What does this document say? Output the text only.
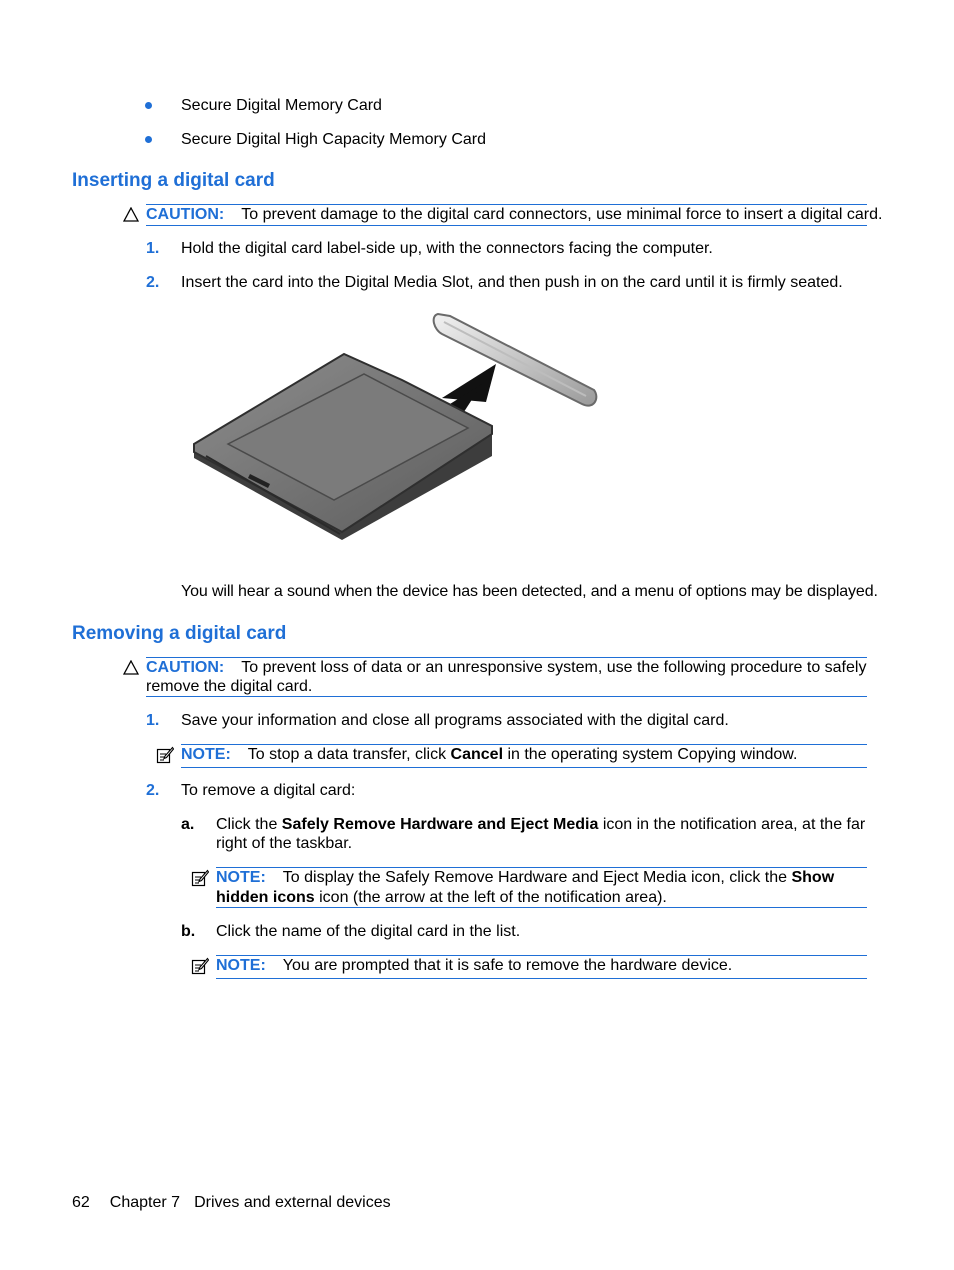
Secure Digital Memory Card
Secure Digital High Capacity Memory Card
Inserting a digital card
CAUTION: To prevent damage to the digital card connectors, use minimal force to insert a digital card.
1. Hold the digital card label-side up, with the connectors facing the computer.
2. Insert the card into the Digital Media Slot, and then push in on the card until it is firmly seated.
You will hear a sound when the device has been detected, and a menu of options may be displayed.
Removing a digital card
CAUTION: To prevent loss of data or an unresponsive system, use the following procedure to safely
remove the digital card.
1. Save your information and close all programs associated with the digital card.
NOTE: To stop a data transfer, click Cancel in the operating system Copying window.
2. To remove a digital card:
a. Click the Safely Remove Hardware and Eject Media icon in the notification area, at the far
right of the taskbar.
NOTE: To display the Safely Remove Hardware and Eject Media icon, click the Show
hidden icons icon (the arrow at the left of the notification area).
b. Click the name of the digital card in the list.
NOTE: You are prompted that it is safe to remove the hardware device.
62 Chapter 7 Drives and external devices
